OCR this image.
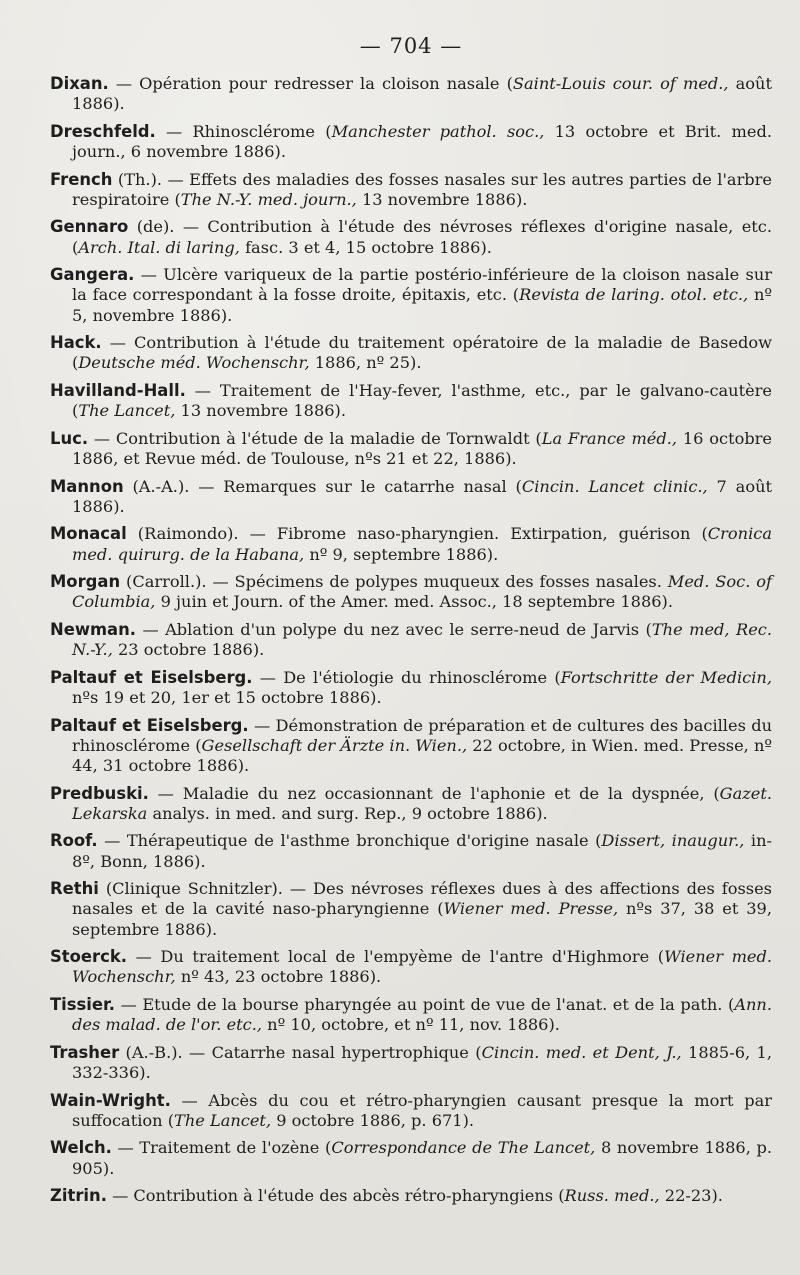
— 704 —
Dixan. — Opération pour redresser la cloison nasale (Saint-Louis cour. of med., août 1886).
Dreschfeld. — Rhinosclérome (Manchester pathol. soc., 13 octobre et Brit. med. journ., 6 novembre 1886).
French (Th.). — Effets des maladies des fosses nasales sur les autres parties de l'arbre respiratoire (The N.-Y. med. journ., 13 novembre 1886).
Gennaro (de). — Contribution à l'étude des névroses réflexes d'origine nasale, etc. (Arch. Ital. di laring, fasc. 3 et 4, 15 octobre 1886).
Gangera. — Ulcère variqueux de la partie postério-inférieure de la cloison nasale sur la face correspondant à la fosse droite, épitaxis, etc. (Revista de laring. otol. etc., nº 5, novembre 1886).
Hack. — Contribution à l'étude du traitement opératoire de la maladie de Basedow (Deutsche méd. Wochenschr, 1886, nº 25).
Havilland-Hall. — Traitement de l'Hay-fever, l'asthme, etc., par le galvano-cautère (The Lancet, 13 novembre 1886).
Luc. — Contribution à l'étude de la maladie de Tornwaldt (La France méd., 16 octobre 1886, et Revue méd. de Toulouse, nºs 21 et 22, 1886).
Mannon (A.-A.). — Remarques sur le catarrhe nasal (Cincin. Lancet clinic., 7 août 1886).
Monacal (Raimondo). — Fibrome naso-pharyngien. Extirpation, guérison (Cronica med. quirurg. de la Habana, nº 9, septembre 1886).
Morgan (Carroll.). — Spécimens de polypes muqueux des fosses nasales. Med. Soc. of Columbia, 9 juin et Journ. of the Amer. med. Assoc., 18 septembre 1886).
Newman. — Ablation d'un polype du nez avec le serre-neud de Jarvis (The med, Rec. N.-Y., 23 octobre 1886).
Paltauf et Eiselsberg. — De l'étiologie du rhinosclérome (Fortschritte der Medicin, nºs 19 et 20, 1er et 15 octobre 1886).
Paltauf et Eiselsberg. — Démonstration de préparation et de cultures des bacilles du rhinosclérome (Gesellschaft der Ärzte in. Wien., 22 octobre, in Wien. med. Presse, nº 44, 31 octobre 1886).
Predbuski. — Maladie du nez occasionnant de l'aphonie et de la dyspnée, (Gazet. Lekarska analys. in med. and surg. Rep., 9 octobre 1886).
Roof. — Thérapeutique de l'asthme bronchique d'origine nasale (Dissert, inaugur., in-8º, Bonn, 1886).
Rethi (Clinique Schnitzler). — Des névroses réflexes dues à des affections des fosses nasales et de la cavité naso-pharyngienne (Wiener med. Presse, nºs 37, 38 et 39, septembre 1886).
Stoerck. — Du traitement local de l'empyème de l'antre d'Highmore (Wiener med. Wochenschr, nº 43, 23 octobre 1886).
Tissier. — Etude de la bourse pharyngée au point de vue de l'anat. et de la path. (Ann. des malad. de l'or. etc., nº 10, octobre, et nº 11, nov. 1886).
Trasher (A.-B.). — Catarrhe nasal hypertrophique (Cincin. med. et Dent, J., 1885-6, 1, 332-336).
Wain-Wright. — Abcès du cou et rétro-pharyngien causant presque la mort par suffocation (The Lancet, 9 octobre 1886, p. 671).
Welch. — Traitement de l'ozène (Correspondance de The Lancet, 8 novembre 1886, p. 905).
Zitrin. — Contribution à l'étude des abcès rétro-pharyngiens (Russ. med., 22-23).
